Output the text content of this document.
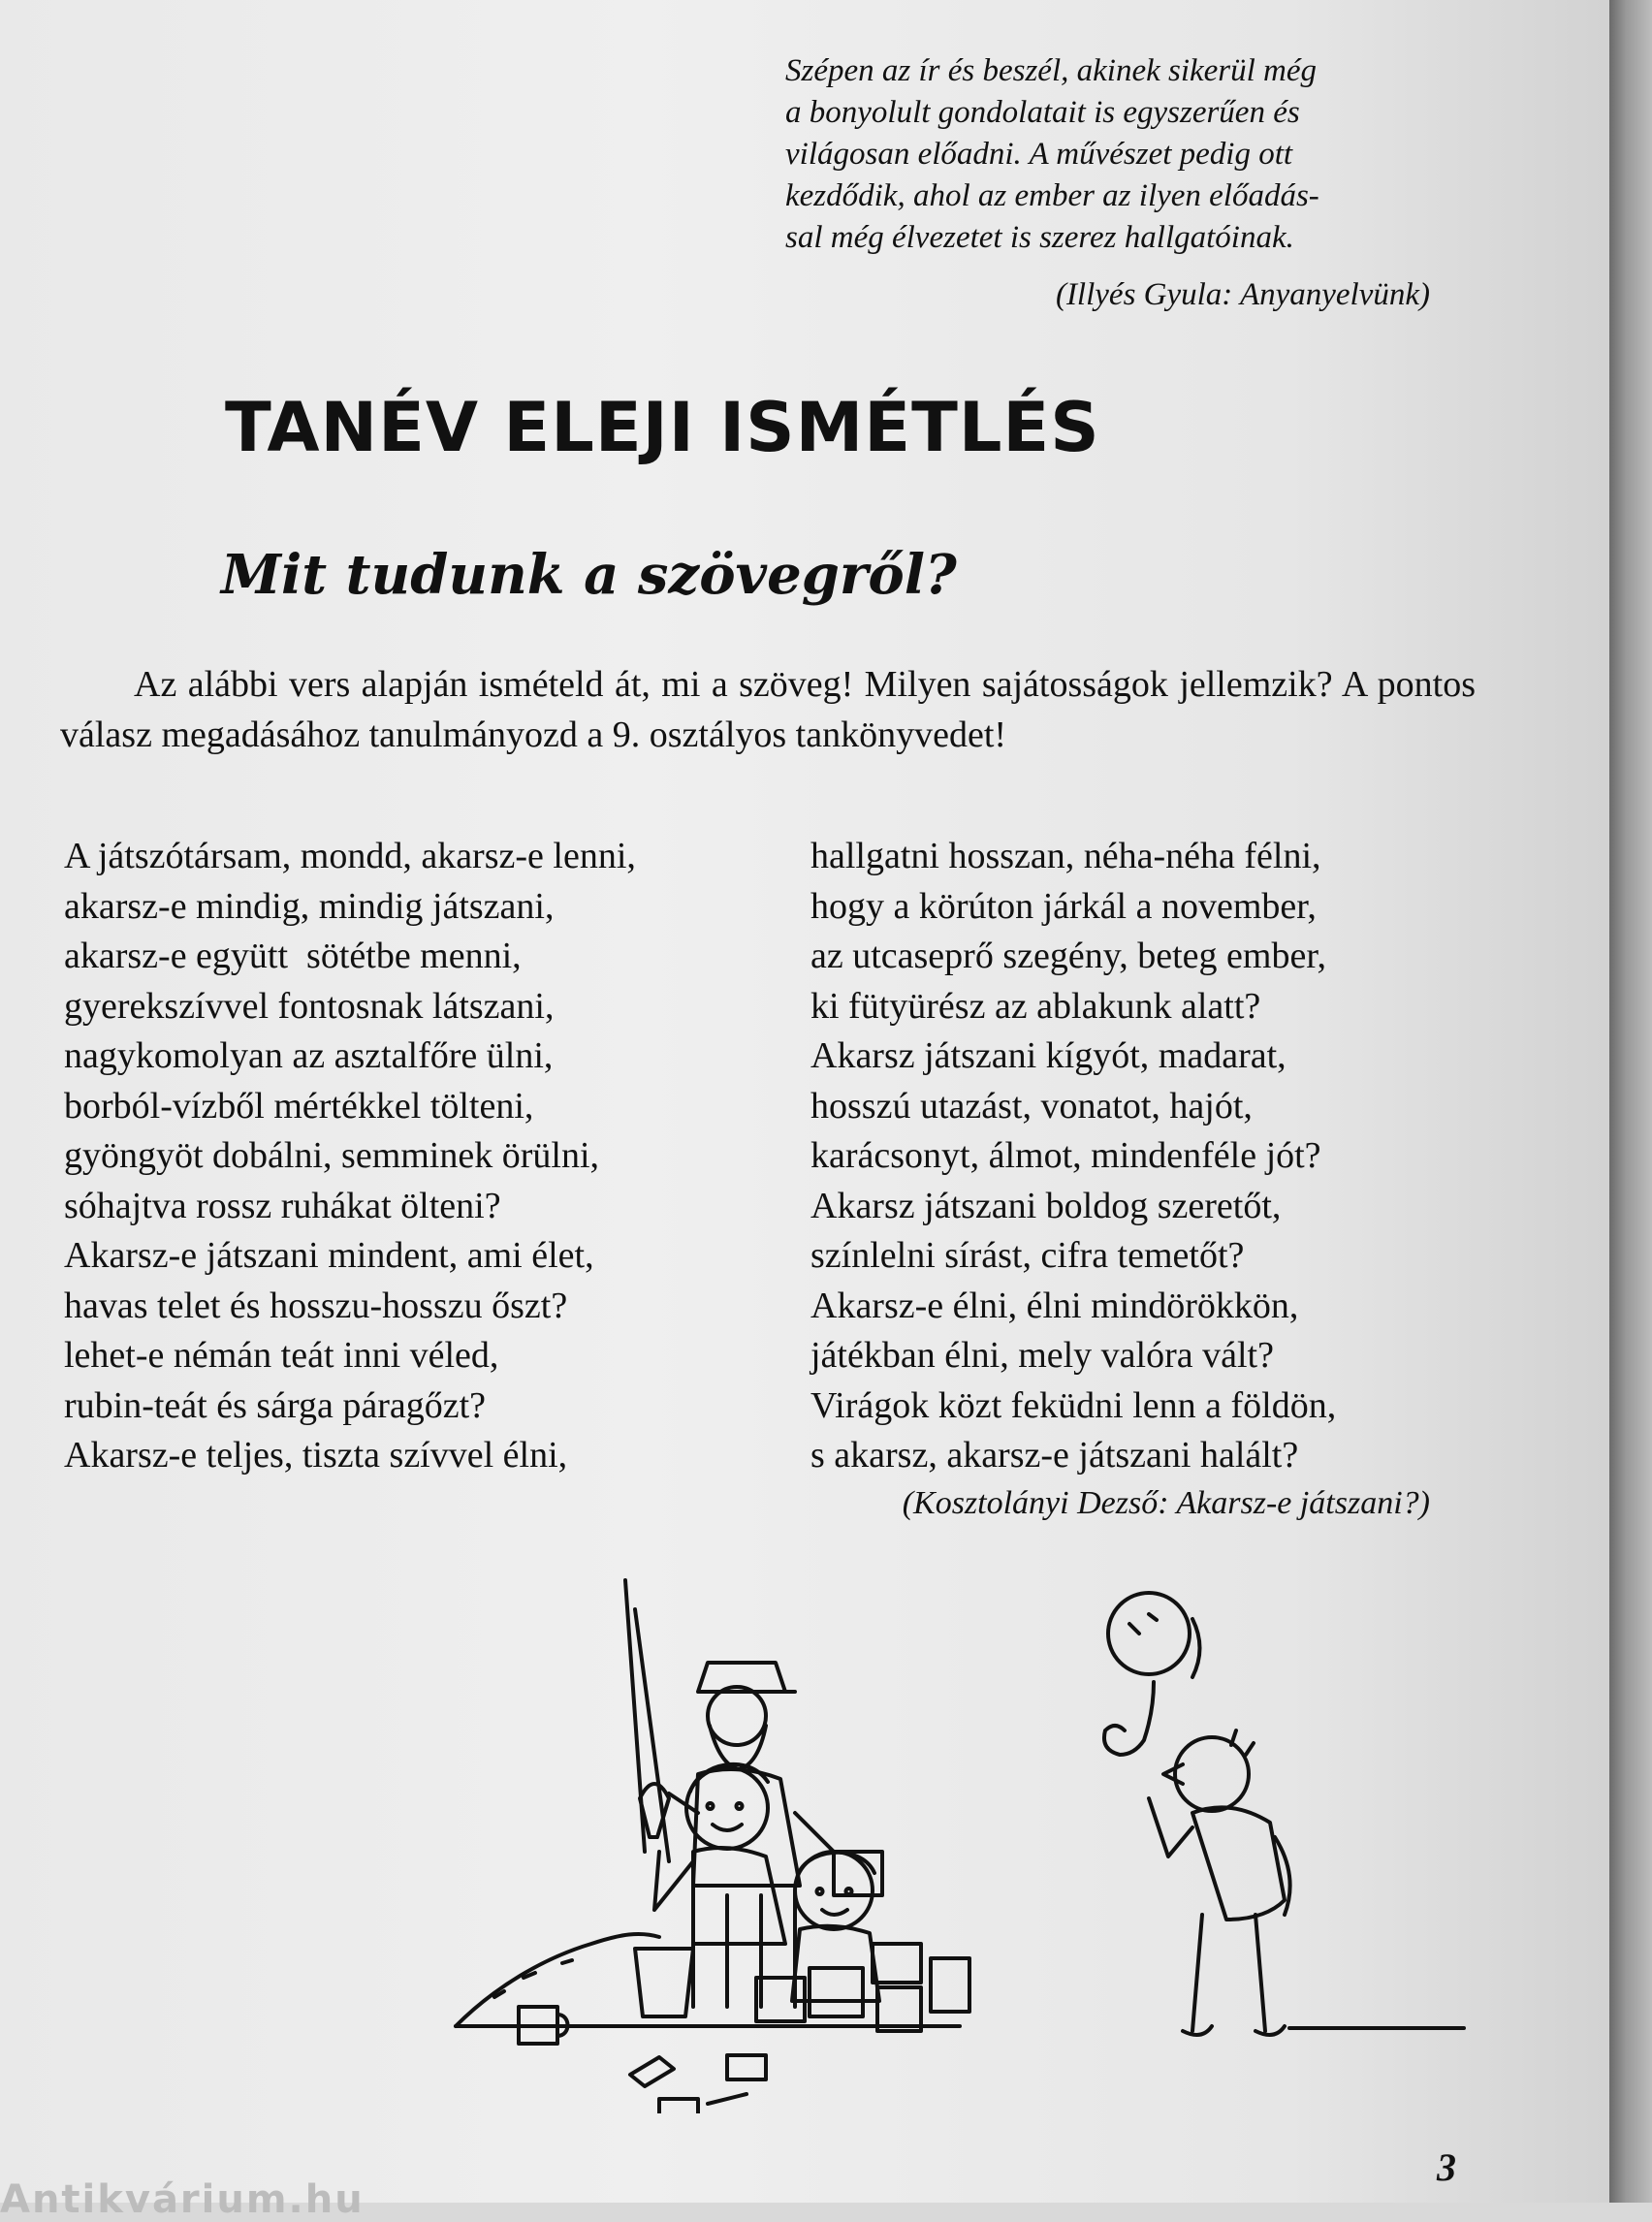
Szépen az ír és beszél, akinek sikerül még
a bonyolult gondolatait is egyszerűen és
világosan előadni. A művészet pedig ott
kezdődik, ahol az ember az ilyen előadás-
sal még élvezetet is szerez hallgatóinak.
(Illyés Gyula: Anyanyelvünk)
TANÉV ELEJI ISMÉTLÉS
Mit tudunk a szövegről?
Az alábbi vers alapján ismételd át, mi a szöveg! Milyen sajátosságok jellemzik? A pontos válasz megadásához tanulmányozd a 9. osztályos tankönyvedet!
A játszótársam, mondd, akarsz-e lenni,
akarsz-e mindig, mindig játszani,
akarsz-e együtt  sötétbe menni,
gyerekszívvel fontosnak látszani,
nagykomolyan az asztalfőre ülni,
borból-vízből mértékkel tölteni,
gyöngyöt dobálni, semminek örülni,
sóhajtva rossz ruhákat ölteni?
Akarsz-e játszani mindent, ami élet,
havas telet és hosszu-hosszu őszt?
lehet-e némán teát inni véled,
rubin-teát és sárga páragőzt?
Akarsz-e teljes, tiszta szívvel élni,
hallgatni hosszan, néha-néha félni,
hogy a körúton járkál a november,
az utcaseprő szegény, beteg ember,
ki fütyürész az ablakunk alatt?
Akarsz játszani kígyót, madarat,
hosszú utazást, vonatot, hajót,
karácsonyt, álmot, mindenféle jót?
Akarsz játszani boldog szeretőt,
színlelni sírást, cifra temetőt?
Akarsz-e élni, élni mindörökkön,
játékban élni, mely valóra vált?
Virágok közt feküdni lenn a földön,
s akarsz, akarsz-e játszani halált?
(Kosztolányi Dezső: Akarsz-e játszani?)
3
Antikvárium.hu
